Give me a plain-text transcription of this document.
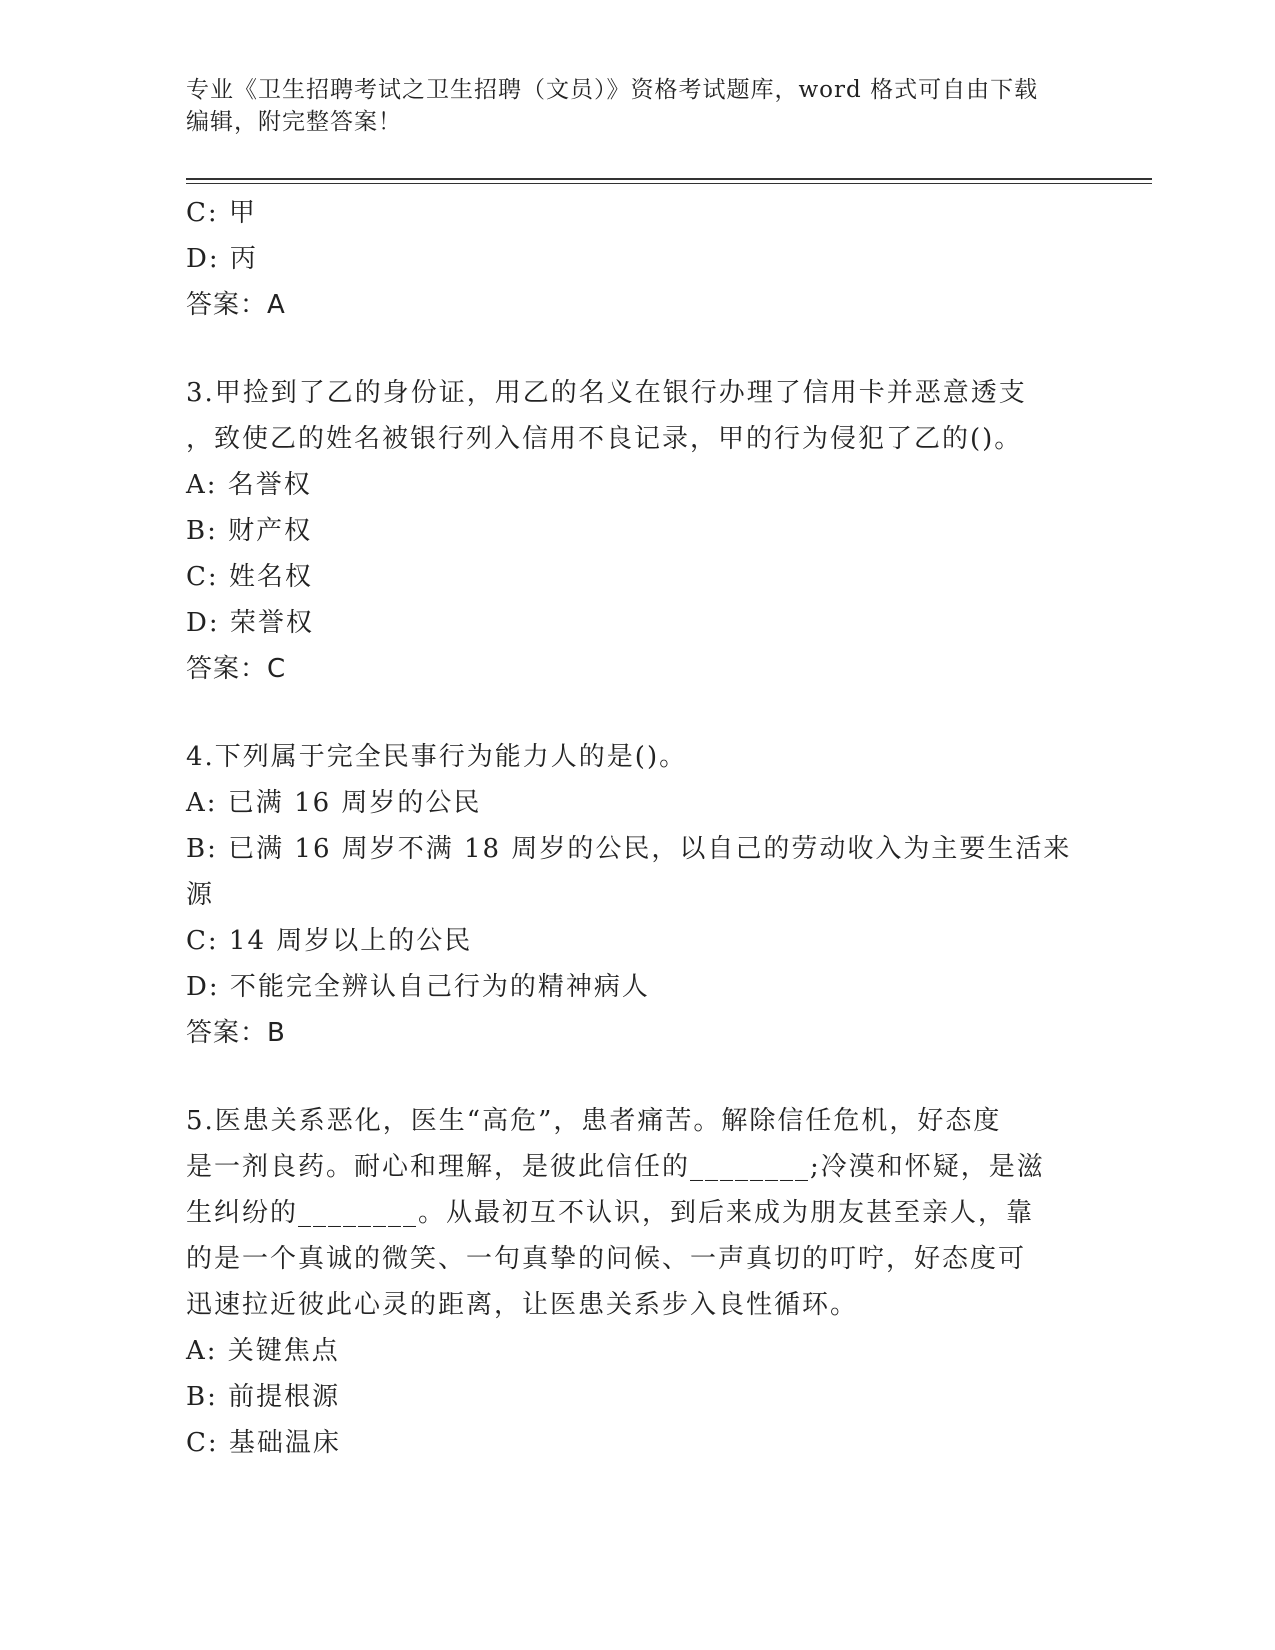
专业《卫生招聘考试之卫生招聘（文员）》资格考试题库，word 格式可自由下载
编辑，附完整答案！

C: 甲

D: 丙

答案：A

3.甲捡到了乙的身份证，用乙的名义在银行办理了信用卡并恶意透支

，致使乙的姓名被银行列入信用不良记录，甲的行为侵犯了乙的()。

A: 名誉权

B: 财产权

C: 姓名权

D: 荣誉权

答案：C

4.下列属于完全民事行为能力人的是()。

A: 已满 16 周岁的公民

B: 已满 16 周岁不满 18 周岁的公民，以自己的劳动收入为主要生活来

源

C: 14 周岁以上的公民

D: 不能完全辨认自己行为的精神病人

答案：B

5.医患关系恶化，医生“高危”，患者痛苦。解除信任危机，好态度

是一剂良药。耐心和理解，是彼此信任的________;冷漠和怀疑，是滋

生纠纷的________。从最初互不认识，到后来成为朋友甚至亲人，靠

的是一个真诚的微笑、一句真挚的问候、一声真切的叮咛，好态度可

迅速拉近彼此心灵的距离，让医患关系步入良性循环。

A: 关键焦点

B: 前提根源

C: 基础温床
